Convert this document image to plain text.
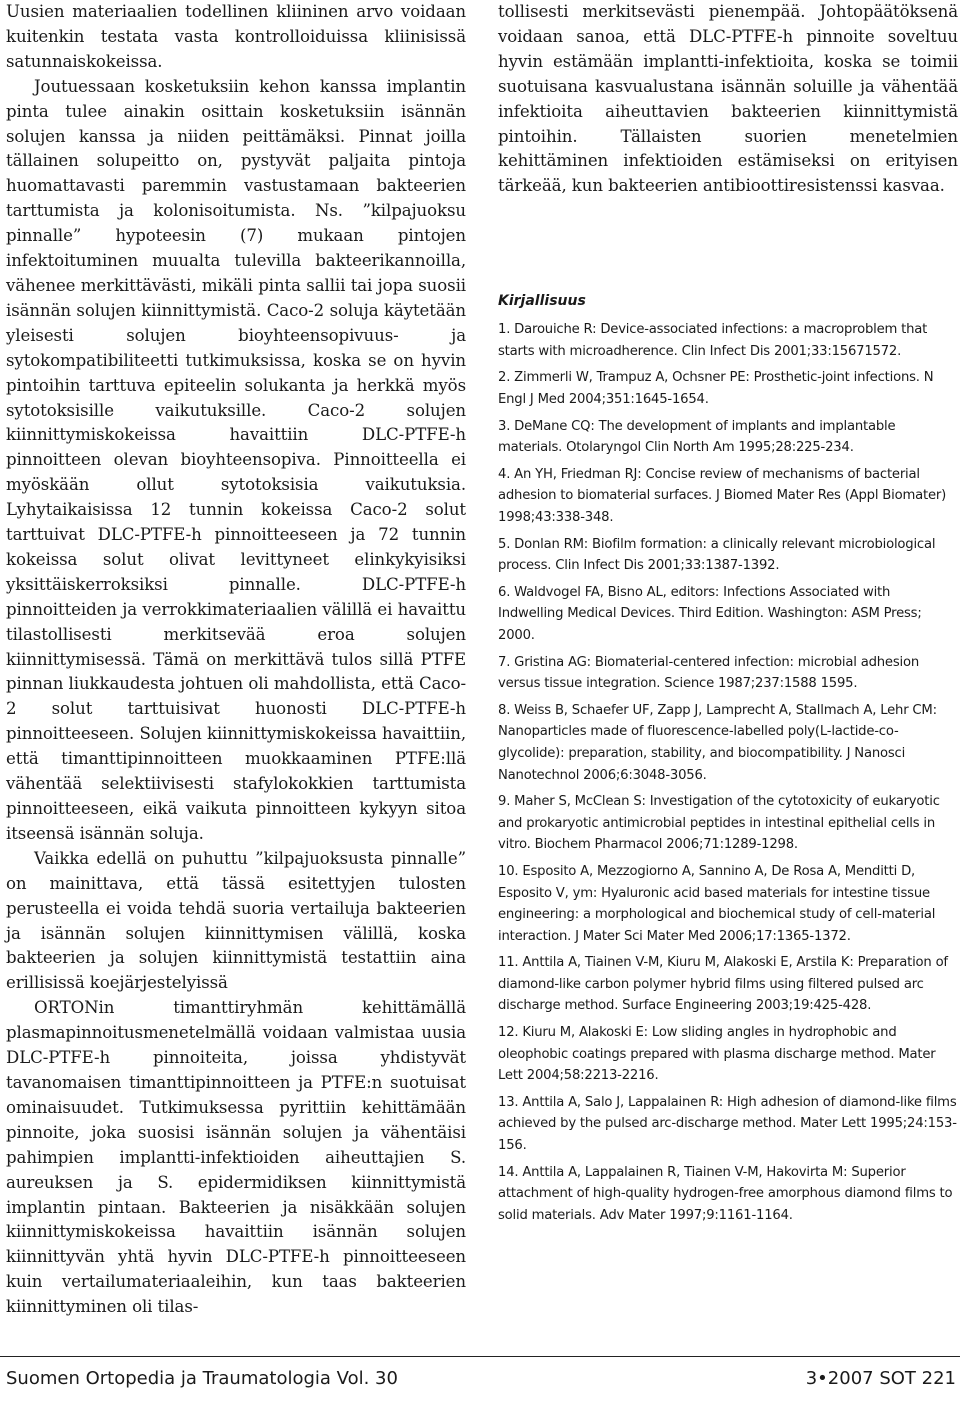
Uusien materiaalien todellinen kliininen arvo voidaan kuitenkin testata vasta kontrolloiduissa kliinisissä satunnaiskokeissa.

Joutuessaan kosketuksiin kehon kanssa implantin pinta tulee ainakin osittain kosketuksiin isännän solujen kanssa ja niiden peittämäksi. Pinnat joilla tällainen solupeitto on, pystyvät paljaita pintoja huomattavasti paremmin vastustamaan bakteerien tarttumista ja kolonisoitumista. Ns. ”kilpajuoksu pinnalle” hypoteesin (7) mukaan pintojen infektoituminen muualta tulevilla bakteerikannoilla, vähenee merkittävästi, mikäli pinta sallii tai jopa suosii isännän solujen kiinnittymistä. Caco-2 soluja käytetään yleisesti solujen bioyhteensopivuus- ja sytokompatibiliteetti tutkimuksissa, koska se on hyvin pintoihin tarttuva epiteelin solukanta ja herkkä myös sytotoksisille vaikutuksille. Caco-2 solujen kiinnittymiskokeissa havaittiin DLC-PTFE-h pinnoitteen olevan bioyhteensopiva. Pinnoitteella ei myöskään ollut sytotoksisia vaikutuksia. Lyhytaikaisissa 12 tunnin kokeissa Caco-2 solut tarttuivat DLC-PTFE-h pinnoitteeseen ja 72 tunnin kokeissa solut olivat levittyneet elinkykyisiksi yksittäiskerroksiksi pinnalle. DLC-PTFE-h pinnoitteiden ja verrokkimateriaalien välillä ei havaittu tilastollisesti merkitsevää eroa solujen kiinnittymisessä. Tämä on merkittävä tulos sillä PTFE pinnan liukkaudesta johtuen oli mahdollista, että Caco-2 solut tarttuisivat huonosti DLC-PTFE-h pinnoitteeseen. Solujen kiinnittymiskokeissa havaittiin, että timanttipinnoitteen muokkaaminen PTFE:llä vähentää selektiivisesti stafylokokkien tarttumista pinnoitteeseen, eikä vaikuta pinnoitteen kykyyn sitoa itseensä isännän soluja.

Vaikka edellä on puhuttu ”kilpajuoksusta pinnalle” on mainittava, että tässä esitettyjen tulosten perusteella ei voida tehdä suoria vertailuja bakteerien ja isännän solujen kiinnittymisen välillä, koska bakteerien ja solujen kiinnittymistä testattiin aina erillisissä koejärjestelyissä

ORTONin timanttiryhmän kehittämällä plasmapinnoitusmenetelmällä voidaan valmistaa uusia DLC-PTFE-h pinnoiteita, joissa yhdistyvät tavanomaisen timanttipinnoitteen ja PTFE:n suotuisat ominaisuudet. Tutkimuksessa pyrittiin kehittämään pinnoite, joka suosisi isännän solujen ja vähentäisi pahimpien implantti-infektioiden aiheuttajien S. aureuksen ja S. epidermidiksen kiinnittymistä implantin pintaan. Bakteerien ja nisäkkään solujen kiinnittymiskokeissa havaittiin isännän solujen kiinnittyvän yhtä hyvin DLC-PTFE-h pinnoitteeseen kuin vertailumateriaaleihin, kun taas bakteerien kiinnittyminen oli tilas-

tollisesti merkitsevästi pienempää. Johtopäätöksenä voidaan sanoa, että DLC-PTFE-h pinnoite soveltuu hyvin estämään implantti-infektioita, koska se toimii suotuisana kasvualustana isännän soluille ja vähentää infektioita aiheuttavien bakteerien kiinnittymistä pintoihin. Tällaisten suorien menetelmien kehittäminen infektioiden estämiseksi on erityisen tärkeää, kun bakteerien antibioottiresistenssi kasvaa.

Kirjallisuus
1. Darouiche R: Device-associated infections: a macroproblem that starts with microadherence. Clin Infect Dis 2001;33:15671572.
2. Zimmerli W, Trampuz A, Ochsner PE: Prosthetic-joint infections. N Engl J Med 2004;351:1645-1654.
3. DeMane CQ: The development of implants and implantable materials. Otolaryngol Clin North Am 1995;28:225-234.
4. An YH, Friedman RJ: Concise review of mechanisms of bacterial adhesion to biomaterial surfaces. J Biomed Mater Res (Appl Biomater) 1998;43:338-348.
5. Donlan RM: Biofilm formation: a clinically relevant microbiological process. Clin Infect Dis 2001;33:1387-1392.
6. Waldvogel FA, Bisno AL, editors: Infections Associated with Indwelling Medical Devices. Third Edition. Washington: ASM Press; 2000.
7. Gristina AG: Biomaterial-centered infection: microbial adhesion versus tissue integration. Science 1987;237:1588 1595.
8. Weiss B, Schaefer UF, Zapp J, Lamprecht A, Stallmach A, Lehr CM: Nanoparticles made of fluorescence-labelled poly(L-lactide-co-glycolide): preparation, stability, and biocompatibility. J Nanosci Nanotechnol 2006;6:3048-3056.
9. Maher S, McClean S: Investigation of the cytotoxicity of eukaryotic and prokaryotic antimicrobial peptides in intestinal epithelial cells in vitro. Biochem Pharmacol 2006;71:1289-1298.
10. Esposito A, Mezzogiorno A, Sannino A, De Rosa A, Menditti D, Esposito V, ym: Hyaluronic acid based materials for intestine tissue engineering: a morphological and biochemical study of cell-material interaction. J Mater Sci Mater Med 2006;17:1365-1372.
11. Anttila A, Tiainen V-M, Kiuru M, Alakoski E, Arstila K: Preparation of diamond-like carbon polymer hybrid films using filtered pulsed arc discharge method. Surface Engineering 2003;19:425-428.
12. Kiuru M, Alakoski E: Low sliding angles in hydrophobic and oleophobic coatings prepared with plasma discharge method. Mater Lett 2004;58:2213-2216.
13. Anttila A, Salo J, Lappalainen R: High adhesion of diamond-like films achieved by the pulsed arc-discharge method. Mater Lett 1995;24:153-156.
14. Anttila A, Lappalainen R, Tiainen V-M, Hakovirta M: Superior attachment of high-quality hydrogen-free amorphous diamond films to solid materials. Adv Mater 1997;9:1161-1164.
Suomen Ortopedia ja Traumatologia Vol. 30	3•2007 SOT 221
